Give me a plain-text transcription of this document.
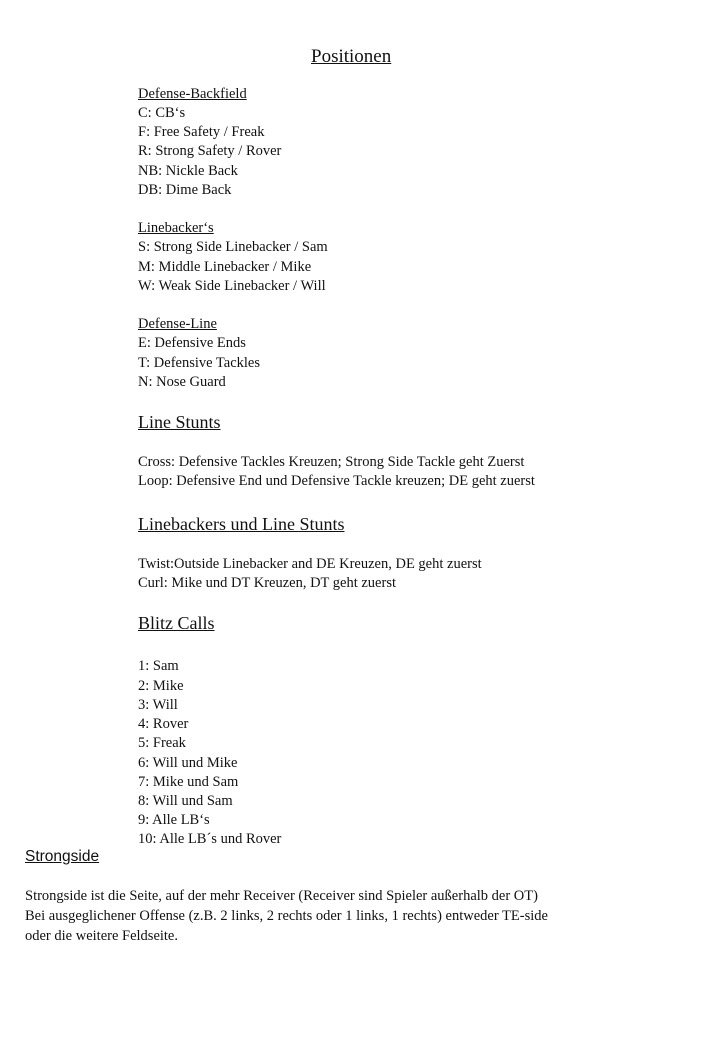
Positionen
Defense-Backfield
C: CB‘s
F: Free Safety / Freak
R: Strong Safety / Rover
NB: Nickle Back
DB: Dime Back
Linebacker‘s
S: Strong Side Linebacker / Sam
M: Middle Linebacker / Mike
W: Weak Side Linebacker / Will
Defense-Line
E: Defensive Ends
T: Defensive Tackles
N: Nose Guard
Line Stunts
Cross: Defensive Tackles Kreuzen; Strong Side Tackle geht Zuerst
Loop: Defensive End und Defensive Tackle kreuzen; DE geht zuerst
Linebackers und Line Stunts
Twist:Outside Linebacker and DE Kreuzen, DE geht zuerst
Curl: Mike und DT Kreuzen, DT geht zuerst
Blitz Calls
1: Sam
2: Mike
3: Will
4: Rover
5: Freak
6: Will und Mike
7: Mike und Sam
8: Will und Sam
9: Alle LB‘s
10: Alle LB´s und Rover
Strongside
Strongside ist die Seite, auf der mehr Receiver (Receiver sind Spieler außerhalb der OT)
Bei ausgeglichener Offense (z.B. 2 links, 2 rechts oder 1 links, 1 rechts) entweder TE-side
oder die weitere Feldseite.
